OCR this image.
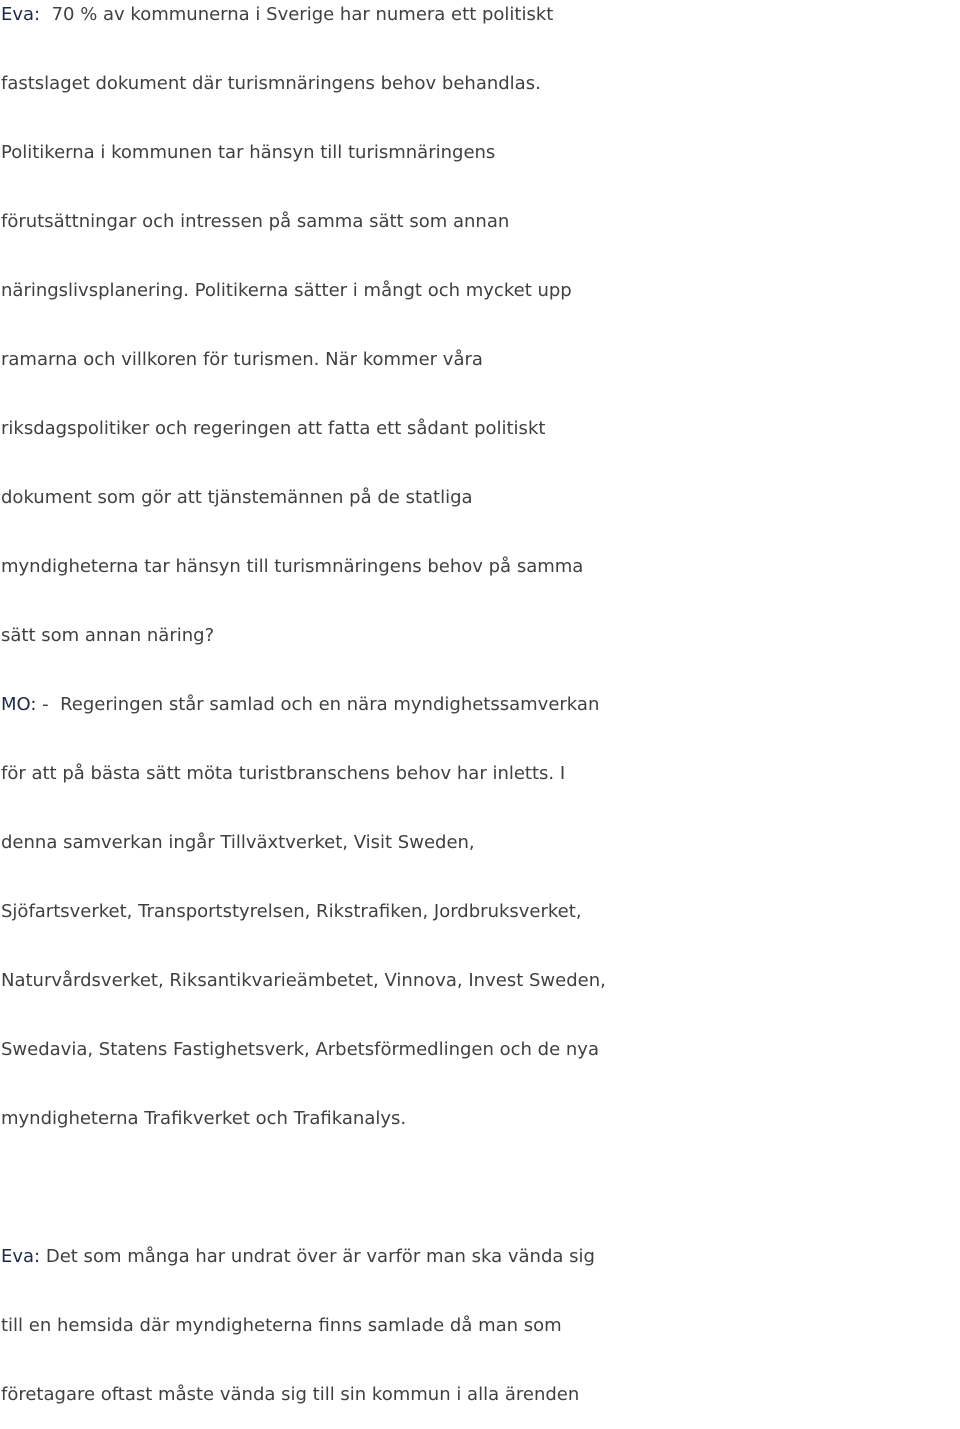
Eva:  70 % av kommunerna i Sverige har numera ett politiskt
fastslaget dokument där turismnäringens behov behandlas.
Politikerna i kommunen tar hänsyn till turismnäringens
förutsättningar och intressen på samma sätt som annan
näringslivsplanering. Politikerna sätter i mångt och mycket upp
ramarna och villkoren för turismen. När kommer våra
riksdagspolitiker och regeringen att fatta ett sådant politiskt
dokument som gör att tjänstemännen på de statliga
myndigheterna tar hänsyn till turismnäringens behov på samma
sätt som annan näring?
MO: -  Regeringen står samlad och en nära myndighetssamverkan
för att på bästa sätt möta turistbranschens behov har inletts. I
denna samverkan ingår Tillväxtverket, Visit Sweden,
Sjöfartsverket, Transportstyrelsen, Rikstrafiken, Jordbruksverket,
Naturvårdsverket, Riksantikvarieämbetet, Vinnova, Invest Sweden,
Swedavia, Statens Fastighetsverk, Arbetsförmedlingen och de nya
myndigheterna Trafikverket och Trafikanalys.
Eva: Det som många har undrat över är varför man ska vända sig
till en hemsida där myndigheterna finns samlade då man som
företagare oftast måste vända sig till sin kommun i alla ärenden
